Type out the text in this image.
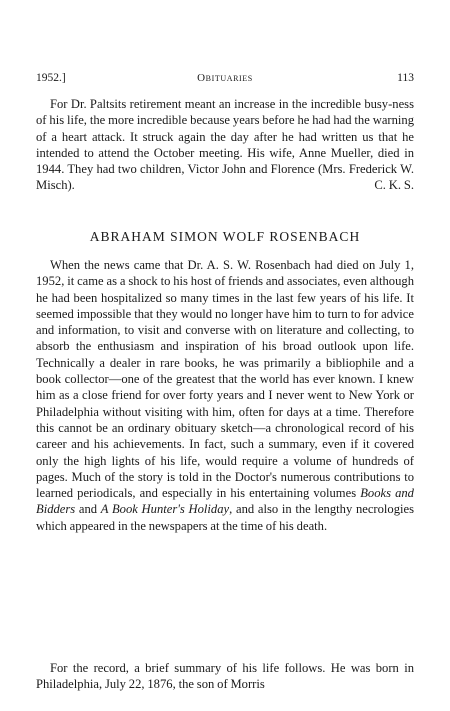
1952.]	Obituaries	113

For Dr. Paltsits retirement meant an increase in the incredible busy-ness of his life, the more incredible because years before he had had the warning of a heart attack. It struck again the day after he had written us that he intended to attend the October meeting. His wife, Anne Mueller, died in 1944. They had two children, Victor John and Florence (Mrs. Frederick W. Misch).	C. K. S.

ABRAHAM SIMON WOLF ROSENBACH

When the news came that Dr. A. S. W. Rosenbach had died on July 1, 1952, it came as a shock to his host of friends and associates, even although he had been hospitalized so many times in the last few years of his life. It seemed impossible that they would no longer have him to turn to for advice and information, to visit and converse with on literature and collecting, to absorb the enthusiasm and inspiration of his broad outlook upon life. Technically a dealer in rare books, he was primarily a bibliophile and a book collector—one of the greatest that the world has ever known. I knew him as a close friend for over forty years and I never went to New York or Philadelphia without visiting with him, often for days at a time. Therefore this cannot be an ordinary obituary sketch—a chronological record of his career and his achievements. In fact, such a summary, even if it covered only the high lights of his life, would require a volume of hundreds of pages. Much of the story is told in the Doctor's numerous contributions to learned periodicals, and especially in his entertaining volumes Books and Bidders and A Book Hunter's Holiday, and also in the lengthy necrologies which appeared in the newspapers at the time of his death.

For the record, a brief summary of his life follows. He was born in Philadelphia, July 22, 1876, the son of Morris
